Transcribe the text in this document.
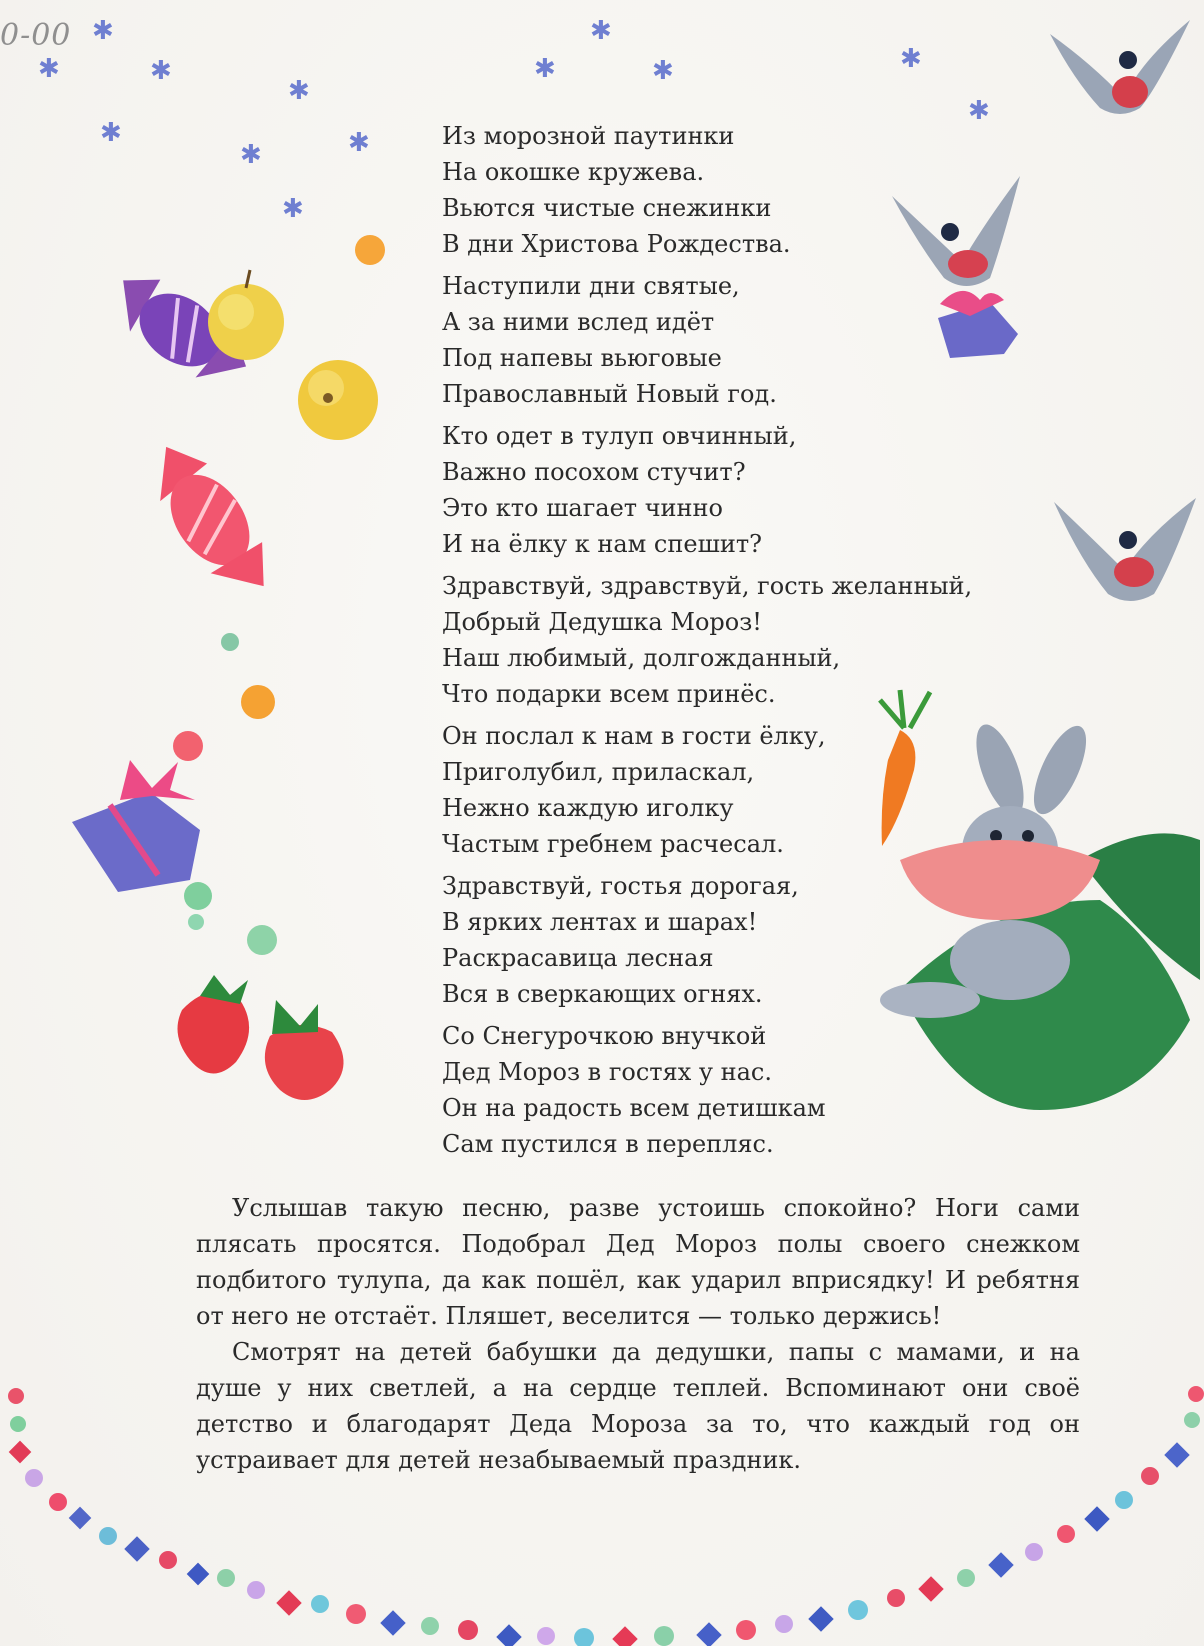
0-00 ✱
✱	✱
✱
✱	✱
✱
✱
✱
✱	✱	✱
✱
Из морозной паутинки
На окошке кружева.
Вьются чистые снежинки
В дни Христова Рождества.
Наступили дни святые,
А за ними вслед идёт
Под напевы вьюговые
Православный Новый год.
Кто одет в тулуп овчинный,
Важно посохом стучит?
Это кто шагает чинно
И на ёлку к нам спешит?
Здравствуй, здравствуй, гость желанный,
Добрый Дедушка Мороз!
Наш любимый, долгожданный,
Что подарки всем принёс.
Он послал к нам в гости ёлку,
Приголубил, приласкал,
Нежно каждую иголку
Частым гребнем расчесал.
Здравствуй, гостья дорогая,
В ярких лентах и шарах!
Раскрасавица лесная
Вся в сверкающих огнях.
Со Снегурочкою внучкой
Дед Мороз в гостях у нас.
Он на радость всем детишкам
Сам пустился в перепляс.

Услышав такую песню, разве устоишь спокойно? Ноги сами плясать просятся. Подобрал Дед Мороз полы своего снежком подбитого тулупа, да как пошёл, как ударил вприсядку! И ребятня от него не отстаёт. Пляшет, веселится — только держись!

Смотрят на детей бабушки да дедушки, папы с мамами, и на душе у них светлей, а на сердце теплей. Вспоминают они своё детство и благодарят Деда Мороза за то, что каждый год он устраивает для детей незабываемый праздник.
